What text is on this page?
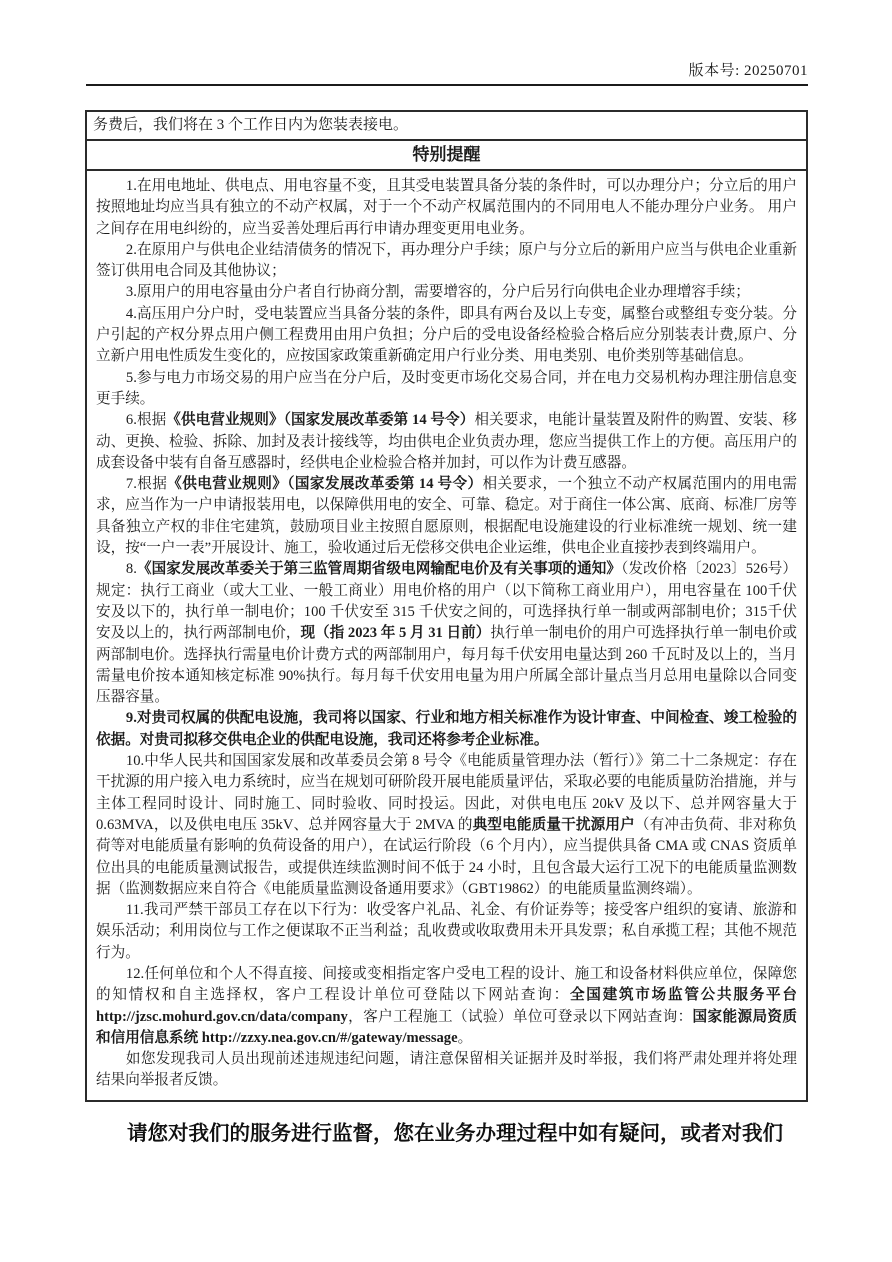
版本号: 20250701
务费后，我们将在 3 个工作日内为您装表接电。
特别提醒

1.在用电地址、供电点、用电容量不变，且其受电装置具备分装的条件时，可以办理分户；分立后的用户按照地址均应当具有独立的不动产权属，对于一个不动产权属范围内的不同用电人不能办理分户业务。 用户之间存在用电纠纷的，应当妥善处理后再行申请办理变更用电业务。

2.在原用户与供电企业结清债务的情况下，再办理分户手续；原户与分立后的新用户应当与供电企业重新签订供用电合同及其他协议；

3.原用户的用电容量由分户者自行协商分割，需要增容的，分户后另行向供电企业办理增容手续；

4.高压用户分户时，受电装置应当具备分装的条件，即具有两台及以上专变，属整台或整组专变分装。分户引起的产权分界点用户侧工程费用由用户负担；分户后的受电设备经检验合格后应分别装表计费,原户、分立新户用电性质发生变化的，应按国家政策重新确定用户行业分类、用电类别、电价类别等基础信息。

5.参与电力市场交易的用户应当在分户后，及时变更市场化交易合同，并在电力交易机构办理注册信息变更手续。

6.根据《供电营业规则》（国家发展改革委第 14 号令）相关要求，电能计量装置及附件的购置、安装、移动、更换、检验、拆除、加封及表计接线等，均由供电企业负责办理，您应当提供工作上的方便。高压用户的成套设备中装有自备互感器时，经供电企业检验合格并加封，可以作为计费互感器。

7.根据《供电营业规则》（国家发展改革委第 14 号令）相关要求，一个独立不动产权属范围内的用电需求，应当作为一户申请报装用电，以保障供用电的安全、可靠、稳定。对于商住一体公寓、底商、标准厂房等具备独立产权的非住宅建筑，鼓励项目业主按照自愿原则，根据配电设施建设的行业标准统一规划、统一建设，按“一户一表”开展设计、施工，验收通过后无偿移交供电企业运维，供电企业直接抄表到终端用户。

8.《国家发展改革委关于第三监管周期省级电网输配电价及有关事项的通知》（发改价格〔2023〕526号）规定：执行工商业（或大工业、一般工商业）用电价格的用户（以下简称工商业用户），用电容量在 100千伏安及以下的，执行单一制电价；100 千伏安至 315 千伏安之间的，可选择执行单一制或两部制电价；315千伏安及以上的，执行两部制电价，现（指 2023 年 5 月 31 日前）执行单一制电价的用户可选择执行单一制电价或两部制电价。选择执行需量电价计费方式的两部制用户，每月每千伏安用电量达到 260 千瓦时及以上的，当月需量电价按本通知核定标准 90%执行。每月每千伏安用电量为用户所属全部计量点当月总用电量除以合同变压器容量。

9.对贵司权属的供配电设施，我司将以国家、行业和地方相关标准作为设计审查、中间检查、竣工检验的依据。对贵司拟移交供电企业的供配电设施，我司还将参考企业标准。

10.中华人民共和国国家发展和改革委员会第 8 号令《电能质量管理办法（暂行）》第二十二条规定：存在干扰源的用户接入电力系统时，应当在规划可研阶段开展电能质量评估，采取必要的电能质量防治措施，并与主体工程同时设计、同时施工、同时验收、同时投运。因此，对供电电压 20kV 及以下、总并网容量大于 0.63MVA，以及供电电压 35kV、总并网容量大于 2MVA 的典型电能质量干扰源用户（有冲击负荷、非对称负荷等对电能质量有影响的负荷设备的用户），在试运行阶段（6 个月内），应当提供具备 CMA 或 CNAS 资质单位出具的电能质量测试报告，或提供连续监测时间不低于 24 小时，且包含最大运行工况下的电能质量监测数据（监测数据应来自符合《电能质量监测设备通用要求》（GBT19862）的电能质量监测终端）。

11.我司严禁干部员工存在以下行为：收受客户礼品、礼金、有价证券等；接受客户组织的宴请、旅游和娱乐活动；利用岗位与工作之便谋取不正当利益；乱收费或收取费用未开具发票；私自承揽工程；其他不规范行为。

12.任何单位和个人不得直接、间接或变相指定客户受电工程的设计、施工和设备材料供应单位，保障您的知情权和自主选择权，客户工程设计单位可登陆以下网站查询：全国建筑市场监管公共服务平台 http://jzsc.mohurd.gov.cn/data/company，客户工程施工（试验）单位可登录以下网站查询：国家能源局资质和信用信息系统 http://zzxy.nea.gov.cn/#/gateway/message。

如您发现我司人员出现前述违规违纪问题，请注意保留相关证据并及时举报，我们将严肃处理并将处理结果向举报者反馈。

请您对我们的服务进行监督，您在业务办理过程中如有疑问，或者对我们
